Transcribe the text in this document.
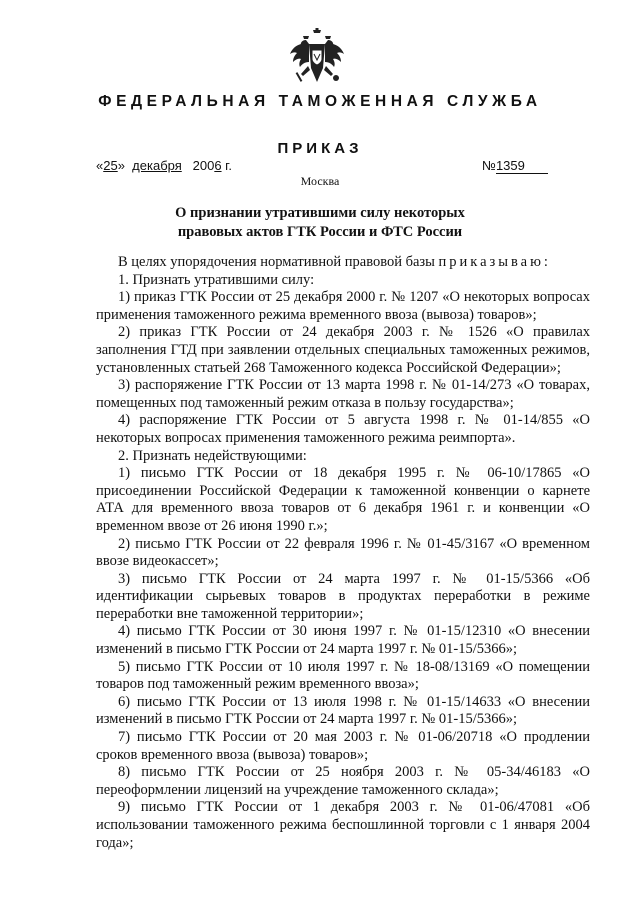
ФЕДЕРАЛЬНАЯ ТАМОЖЕННАЯ СЛУЖБА
ПРИКАЗ
«25» декабря 2006 г.	№1359
Москва
О признании утратившими силу некоторых
правовых актов ГТК России и ФТС России

В целях упорядочения нормативной правовой базы приказываю:

1. Признать утратившими силу:

1) приказ ГТК России от 25 декабря 2000 г. № 1207 «О некоторых вопросах применения таможенного режима временного ввоза (вывоза) товаров»;

2) приказ ГТК России от 24 декабря 2003 г. № 1526 «О правилах заполнения ГТД при заявлении отдельных специальных таможенных режимов, установленных статьей 268 Таможенного кодекса Российской Федерации»;

3) распоряжение ГТК России от 13 марта 1998 г. № 01-14/273 «О товарах, помещенных под таможенный режим отказа в пользу государства»;

4) распоряжение ГТК России от 5 августа 1998 г. № 01-14/855 «О некоторых вопросах применения таможенного режима реимпорта».

2. Признать недействующими:

1) письмо ГТК России от 18 декабря 1995 г. № 06-10/17865 «О присоединении Российской Федерации к таможенной конвенции о карнете АТА для временного ввоза товаров от 6 декабря 1961 г. и конвенции «О временном ввозе от 26 июня 1990 г.»;

2) письмо ГТК России от 22 февраля 1996 г. № 01-45/3167 «О временном ввозе видеокассет»;

3) письмо ГТК России от 24 марта 1997 г. № 01-15/5366 «Об идентификации сырьевых товаров в продуктах переработки в режиме переработки вне таможенной территории»;

4) письмо ГТК России от 30 июня 1997 г. № 01-15/12310 «О внесении изменений в письмо ГТК России от 24 марта 1997 г. № 01-15/5366»;

5) письмо ГТК России от 10 июля 1997 г. № 18-08/13169 «О помещении товаров под таможенный режим временного ввоза»;

6) письмо ГТК России от 13 июля 1998 г. № 01-15/14633 «О внесении изменений в письмо ГТК России от 24 марта 1997 г. № 01-15/5366»;

7) письмо ГТК России от 20 мая 2003 г. № 01-06/20718 «О продлении сроков временного ввоза (вывоза) товаров»;

8) письмо ГТК России от 25 ноября 2003 г. № 05-34/46183 «О переоформлении лицензий на учреждение таможенного склада»;

9) письмо ГТК России от 1 декабря 2003 г. № 01-06/47081 «Об использовании таможенного режима беспошлинной торговли с 1 января 2004 года»;
